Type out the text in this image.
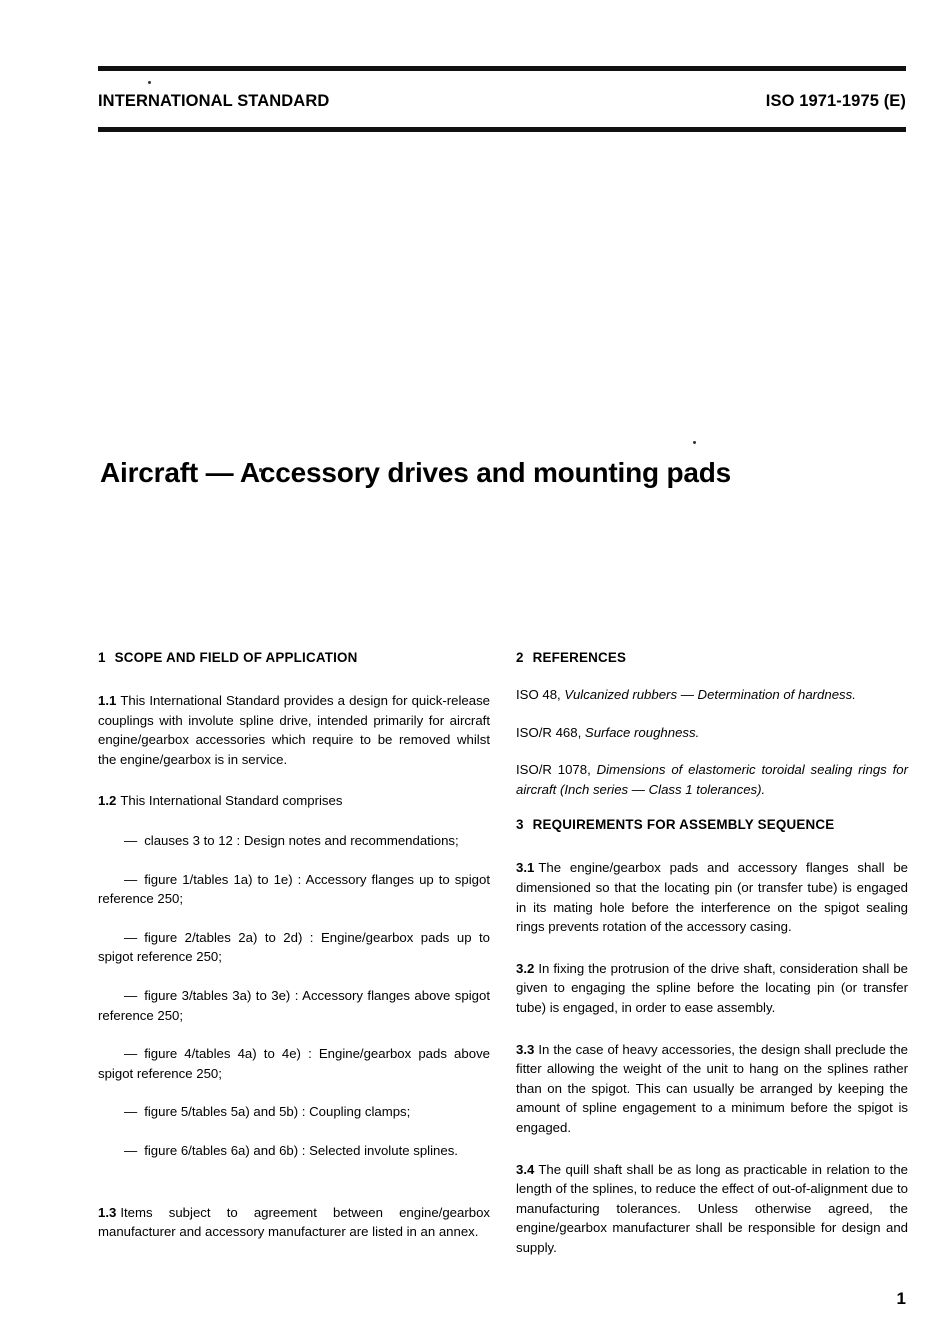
INTERNATIONAL STANDARD	ISO 1971-1975 (E)
Aircraft — Accessory drives and mounting pads
1 SCOPE AND FIELD OF APPLICATION

1.1 This International Standard provides a design for quick-release couplings with involute spline drive, intended primarily for aircraft engine/gearbox accessories which require to be removed whilst the engine/gearbox is in service.

1.2 This International Standard comprises

— clauses 3 to 12 : Design notes and recommendations;
— figure 1/tables 1a) to 1e) : Accessory flanges up to spigot reference 250;
— figure 2/tables 2a) to 2d) : Engine/gearbox pads up to spigot reference 250;
— figure 3/tables 3a) to 3e) : Accessory flanges above spigot reference 250;
— figure 4/tables 4a) to 4e) : Engine/gearbox pads above spigot reference 250;
— figure 5/tables 5a) and 5b) : Coupling clamps;
— figure 6/tables 6a) and 6b) : Selected involute splines.

1.3 Items subject to agreement between engine/gearbox manufacturer and accessory manufacturer are listed in an annex.

2 REFERENCES

ISO 48, Vulcanized rubbers — Determination of hardness.

ISO/R 468, Surface roughness.

ISO/R 1078, Dimensions of elastomeric toroidal sealing rings for aircraft (Inch series — Class 1 tolerances).

3 REQUIREMENTS FOR ASSEMBLY SEQUENCE

3.1 The engine/gearbox pads and accessory flanges shall be dimensioned so that the locating pin (or transfer tube) is engaged in its mating hole before the interference on the spigot sealing rings prevents rotation of the accessory casing.

3.2 In fixing the protrusion of the drive shaft, consideration shall be given to engaging the spline before the locating pin (or transfer tube) is engaged, in order to ease assembly.

3.3 In the case of heavy accessories, the design shall preclude the fitter allowing the weight of the unit to hang on the splines rather than on the spigot. This can usually be arranged by keeping the amount of spline engagement to a minimum before the spigot is engaged.

3.4 The quill shaft shall be as long as practicable in relation to the length of the splines, to reduce the effect of out-of-alignment due to manufacturing tolerances. Unless otherwise agreed, the engine/gearbox manufacturer shall be responsible for design and supply.

1
